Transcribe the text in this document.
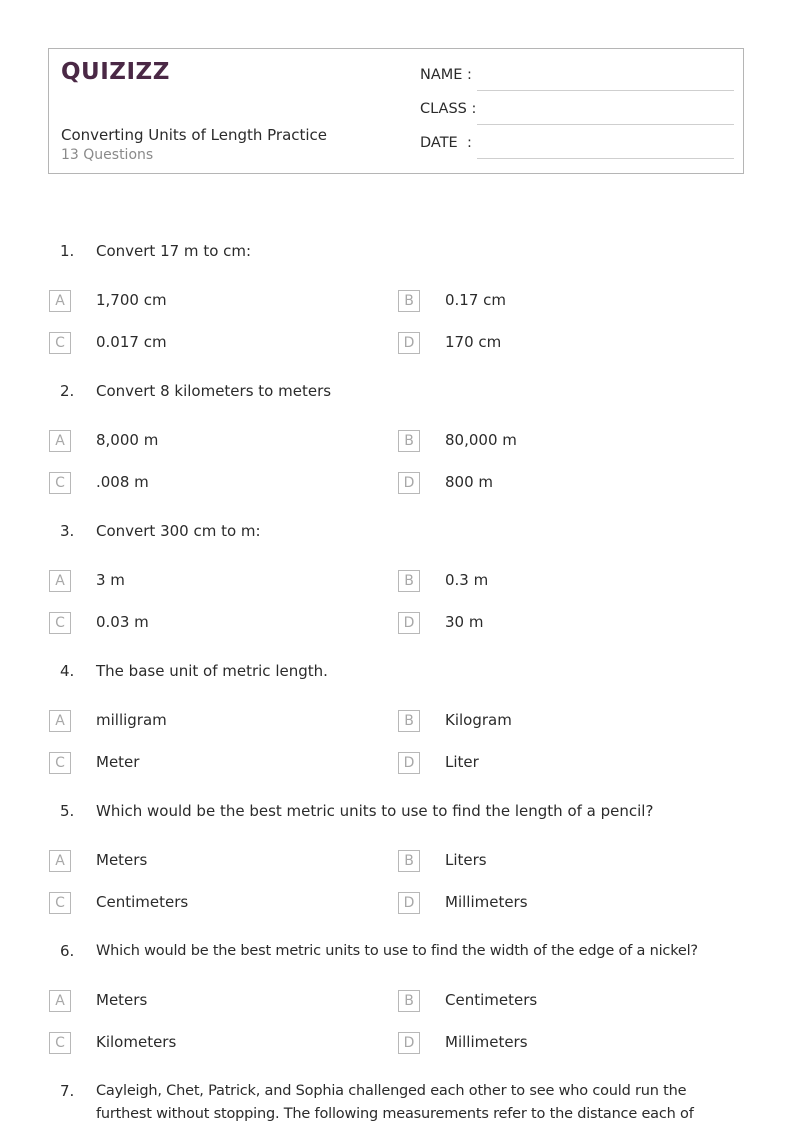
QUIZIZZ
Converting Units of Length Practice
13 Questions
NAME :
CLASS :
DATE  :
1. Convert 17 m to cm:
A	1,700 cm	B	0.17 cm
C	0.017 cm	D	170 cm
2. Convert 8 kilometers to meters
A	8,000 m	B	80,000 m
C	.008 m	D	800 m
3. Convert 300 cm to m:
A	3 m	B	0.3 m
C	0.03 m	D	30 m
4. The base unit of metric length.
A	milligram	B	Kilogram
C	Meter	D	Liter
5. Which would be the best metric units to use to find the length of a pencil?
A	Meters	B	Liters
C	Centimeters	D	Millimeters
6. Which would be the best metric units to use to find the width of the edge of a nickel?
A	Meters	B	Centimeters
C	Kilometers	D	Millimeters
7. Cayleigh, Chet, Patrick, and Sophia challenged each other to see who could run the furthest without stopping. The following measurements refer to the distance each of
